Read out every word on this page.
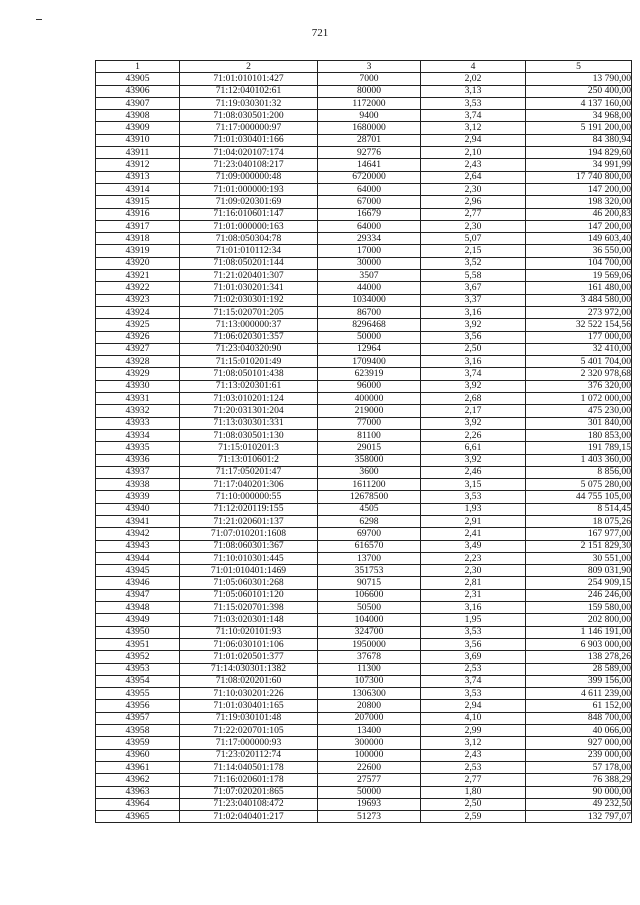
721
1	2	3	4	5
43905	71:01:010101:427	7000	2,02	13 790,00
43906	71:12:040102:61	80000	3,13	250 400,00
43907	71:19:030301:32	1172000	3,53	4 137 160,00
43908	71:08:030501:200	9400	3,74	34 968,00
43909	71:17:000000:97	1680000	3,12	5 191 200,00
43910	71:01:030401:166	28701	2,94	84 380,94
43911	71:04:020107:174	92776	2,10	194 829,60
43912	71:23:040108:217	14641	2,43	34 991,99
43913	71:09:000000:48	6720000	2,64	17 740 800,00
43914	71:01:000000:193	64000	2,30	147 200,00
43915	71:09:020301:69	67000	2,96	198 320,00
43916	71:16:010601:147	16679	2,77	46 200,83
43917	71:01:000000:163	64000	2,30	147 200,00
43918	71:08:050304:78	29334	5,07	149 603,40
43919	71:01:010112:34	17000	2,15	36 550,00
43920	71:08:050201:144	30000	3,52	104 700,00
43921	71:21:020401:307	3507	5,58	19 569,06
43922	71:01:030201:341	44000	3,67	161 480,00
43923	71:02:030301:192	1034000	3,37	3 484 580,00
43924	71:15:020701:205	86700	3,16	273 972,00
43925	71:13:000000:37	8296468	3,92	32 522 154,56
43926	71:06:020301:357	50000	3,56	177 000,00
43927	71:23:040320:90	12964	2,50	32 410,00
43928	71:15:010201:49	1709400	3,16	5 401 704,00
43929	71:08:050101:438	623919	3,74	2 320 978,68
43930	71:13:020301:61	96000	3,92	376 320,00
43931	71:03:010201:124	400000	2,68	1 072 000,00
43932	71:20:031301:204	219000	2,17	475 230,00
43933	71:13:030301:331	77000	3,92	301 840,00
43934	71:08:030501:130	81100	2,26	180 853,00
43935	71:15:010201:3	29015	6,61	191 789,15
43936	71:13:010601:2	358000	3,92	1 403 360,00
43937	71:17:050201:47	3600	2,46	8 856,00
43938	71:17:040201:306	1611200	3,15	5 075 280,00
43939	71:10:000000:55	12678500	3,53	44 755 105,00
43940	71:12:020119:155	4505	1,93	8 514,45
43941	71:21:020601:137	6298	2,91	18 075,26
43942	71:07:010201:1608	69700	2,41	167 977,00
43943	71:08:060301:367	616570	3,49	2 151 829,30
43944	71:10:010301:445	13700	2,23	30 551,00
43945	71:01:010401:1469	351753	2,30	809 031,90
43946	71:05:060301:268	90715	2,81	254 909,15
43947	71:05:060101:120	106600	2,31	246 246,00
43948	71:15:020701:398	50500	3,16	159 580,00
43949	71:03:020301:148	104000	1,95	202 800,00
43950	71:10:020101:93	324700	3,53	1 146 191,00
43951	71:06:030101:106	1950000	3,56	6 903 000,00
43952	71:01:020501:377	37678	3,69	138 278,26
43953	71:14:030301:1382	11300	2,53	28 589,00
43954	71:08:020201:60	107300	3,74	399 156,00
43955	71:10:030201:226	1306300	3,53	4 611 239,00
43956	71:01:030401:165	20800	2,94	61 152,00
43957	71:19:030101:48	207000	4,10	848 700,00
43958	71:22:020701:105	13400	2,99	40 066,00
43959	71:17:000000:93	300000	3,12	927 000,00
43960	71:23:020112:74	100000	2,43	239 000,00
43961	71:14:040501:178	22600	2,53	57 178,00
43962	71:16:020601:178	27577	2,77	76 388,29
43963	71:07:020201:865	50000	1,80	90 000,00
43964	71:23:040108:472	19693	2,50	49 232,50
43965	71:02:040401:217	51273	2,59	132 797,07
